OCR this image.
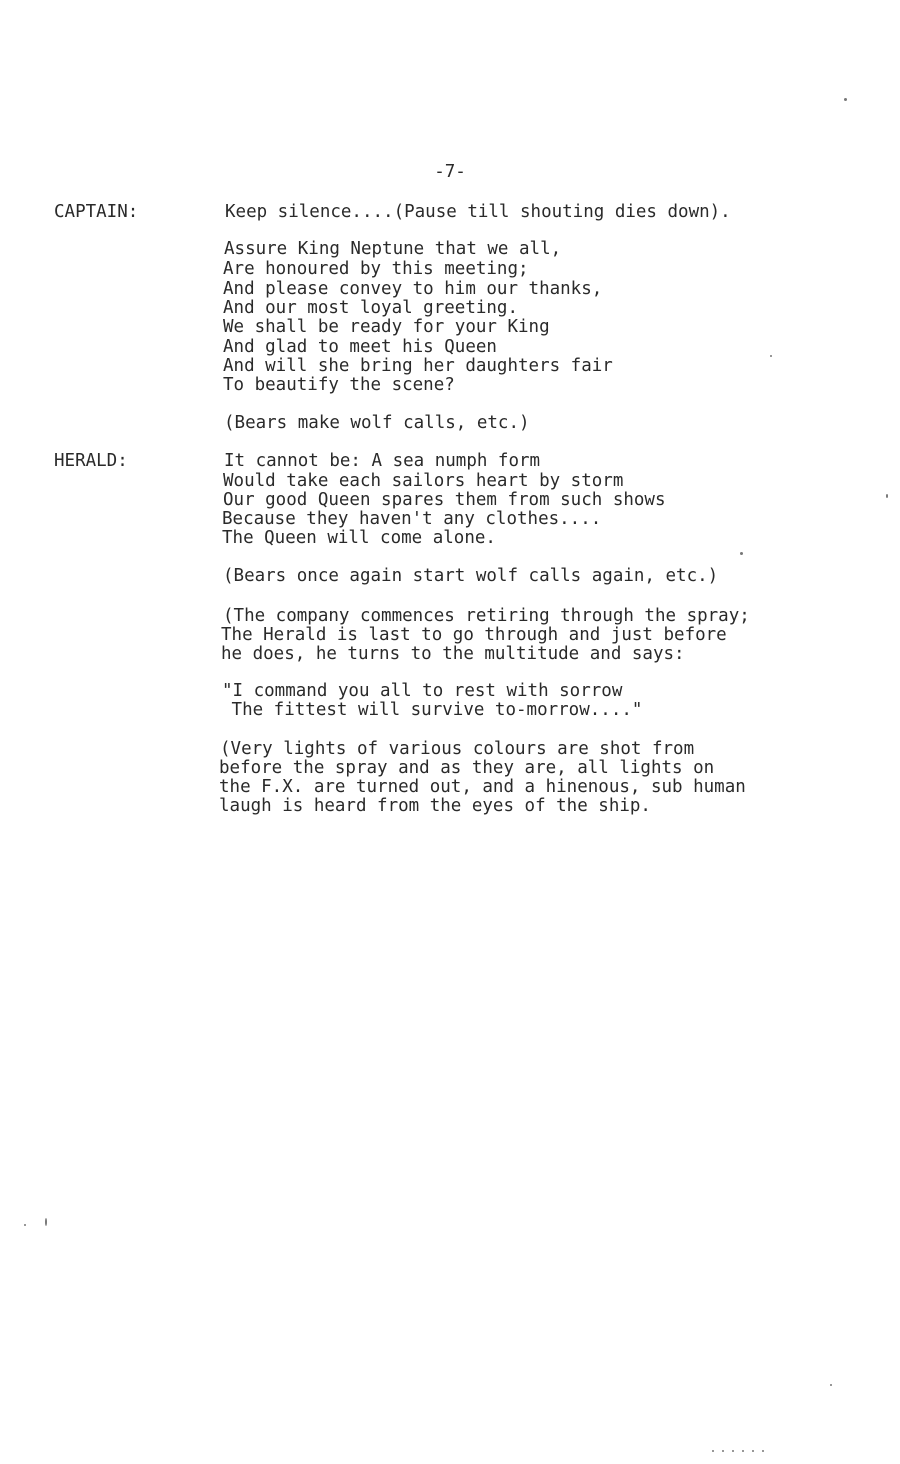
-7-
CAPTAIN:	Keep silence....(Pause till shouting dies down).
Assure King Neptune that we all,
Are honoured by this meeting;
And please convey to him our thanks,
And our most loyal greeting.
We shall be ready for your King
And glad to meet his Queen
And will she bring her daughters fair
To beautify the scene?
(Bears make wolf calls, etc.)
HERALD:	It cannot be: A sea numph form
Would take each sailors heart by storm
Our good Queen spares them from such shows
Because they haven't any clothes....
The Queen will come alone.
(Bears once again start wolf calls again, etc.)
(The company commences retiring through the spray;
The Herald is last to go through and just before
he does, he turns to the multitude and says:
"I command you all to rest with sorrow
The fittest will survive to-morrow...."
(Very lights of various colours are shot from
before the spray and as they are, all lights on
the F.X. are turned out, and a hinenous, sub human
laugh is heard from the eyes of the ship.
